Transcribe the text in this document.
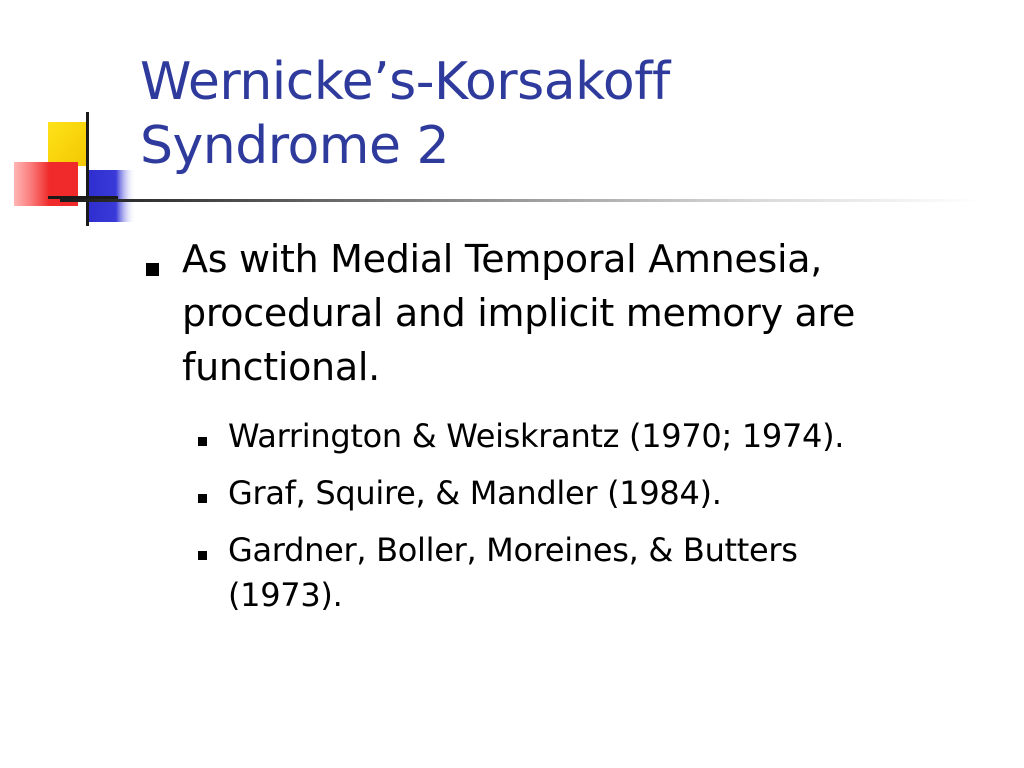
Wernicke’s-Korsakoff
Syndrome 2
As with Medial Temporal Amnesia,
procedural and implicit memory are
functional.
Warrington & Weiskrantz (1970; 1974).
Graf, Squire, & Mandler (1984).
Gardner, Boller, Moreines, & Butters
(1973).
